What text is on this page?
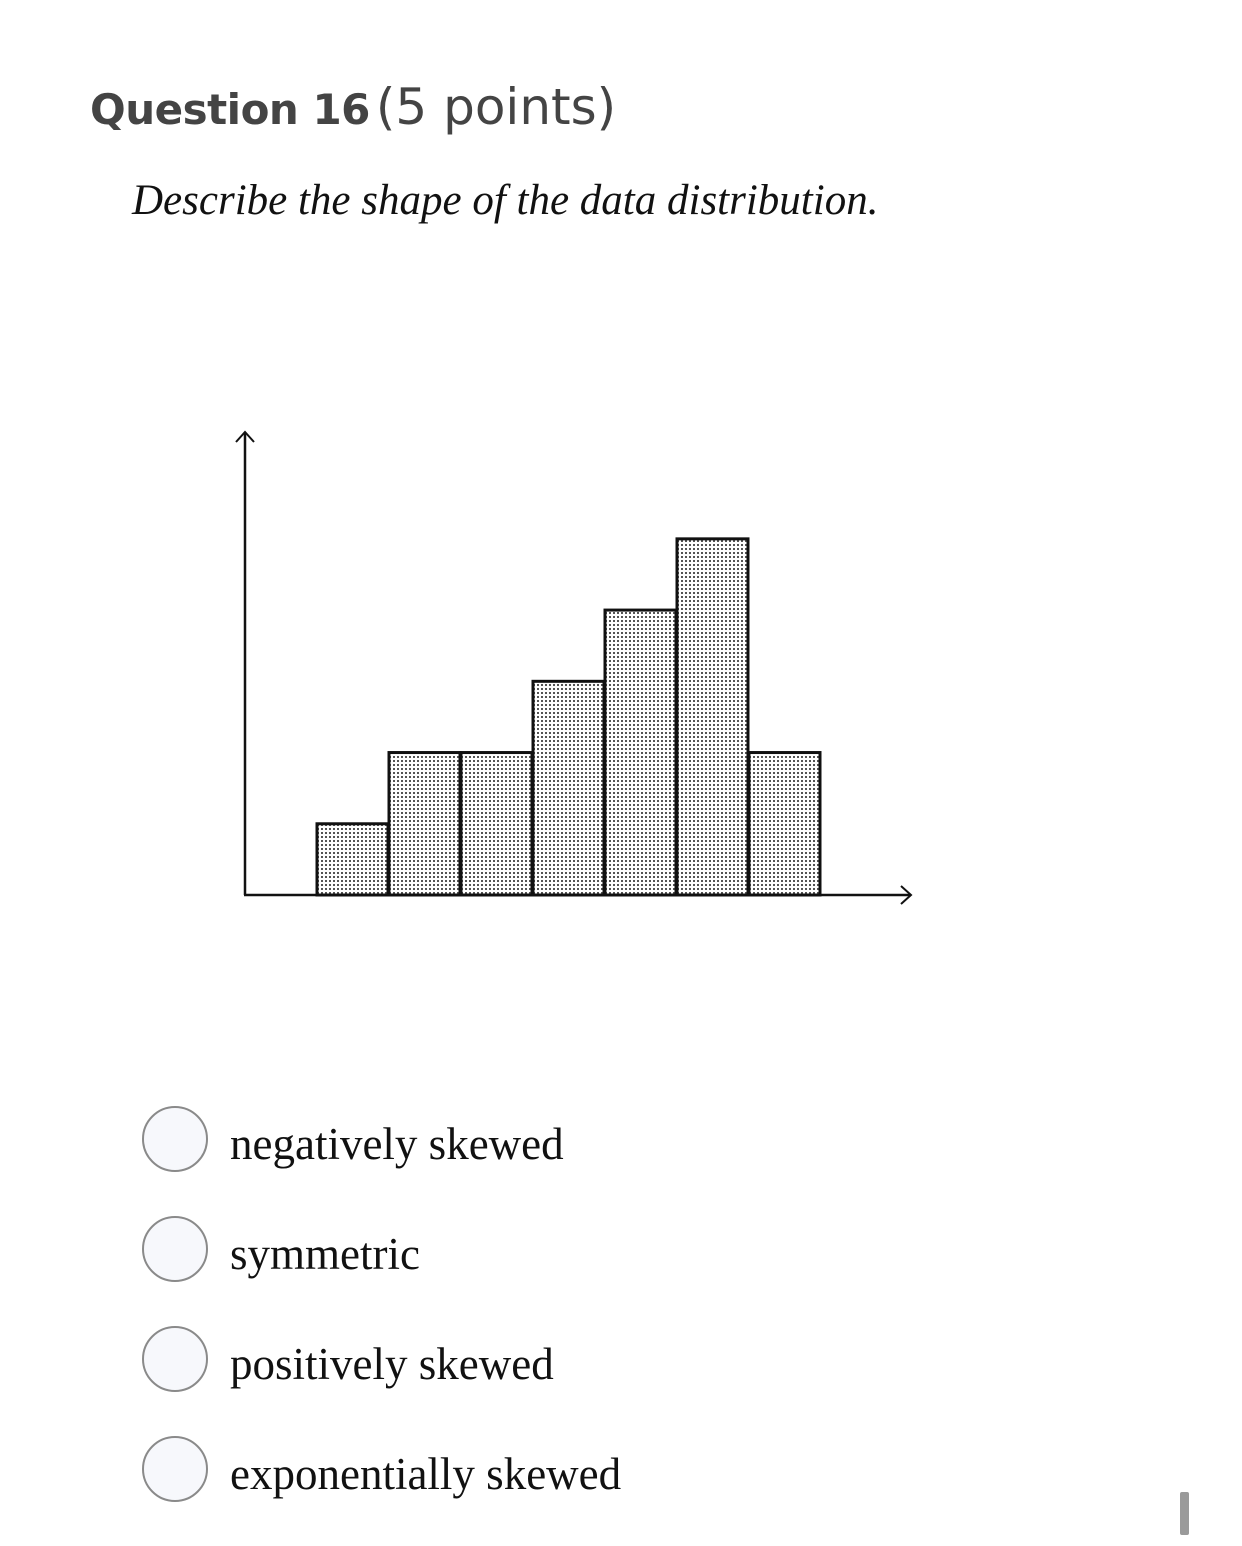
Question 16 (5 points)
Describe the shape of the data distribution.
negatively skewed
symmetric
positively skewed
exponentially skewed
